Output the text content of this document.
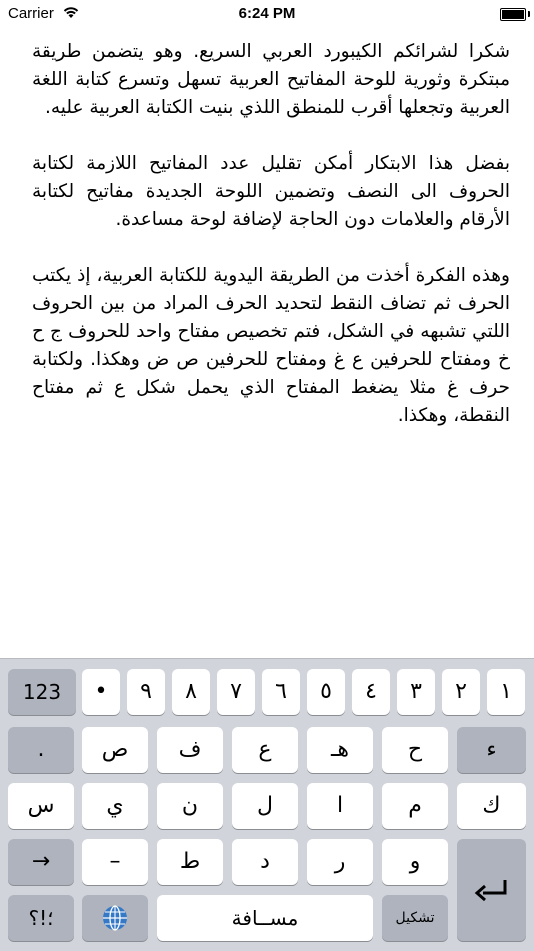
Carrier	6:24 PM

شكرا لشرائكم الكيبورد العربي السريع. وهو يتضمن طريقة مبتكرة وثورية للوحة المفاتيح العربية تسهل وتسرع كتابة اللغة العربية وتجعلها أقرب للمنطق اللذي بنيت الكتابة العربية عليه.

بفضل هذا الابتكار أمكن تقليل عدد المفاتيح اللازمة لكتابة الحروف الى النصف وتضمين اللوحة الجديدة مفاتيح لكتابة الأرقام والعلامات دون الحاجة لإضافة لوحة مساعدة.

وهذه الفكرة أخذت من الطريقة اليدوية للكتابة العربية، إذ يكتب الحرف ثم تضاف النقط لتحديد الحرف المراد من بين الحروف اللتي تشبهه في الشكل، فتم تخصيص مفتاح واحد للحروف ج ح خ ومفتاح للحرفين ع غ ومفتاح للحرفين ص ض وهكذا. ولكتابة حرف غ مثلا يضغط المفتاح الذي يحمل شكل ع ثم مفتاح النقطة، وهكذا.

123 • ٩ ٨ ٧ ٦ ٥ ٤ ٣ ٢ ١
.	ص ف	ع	هـ	ح	ء
س ي	ن	ل	ا	م	ك
→	–	ط	د	ر	و
؛!؟	مســافة	تشكيل
